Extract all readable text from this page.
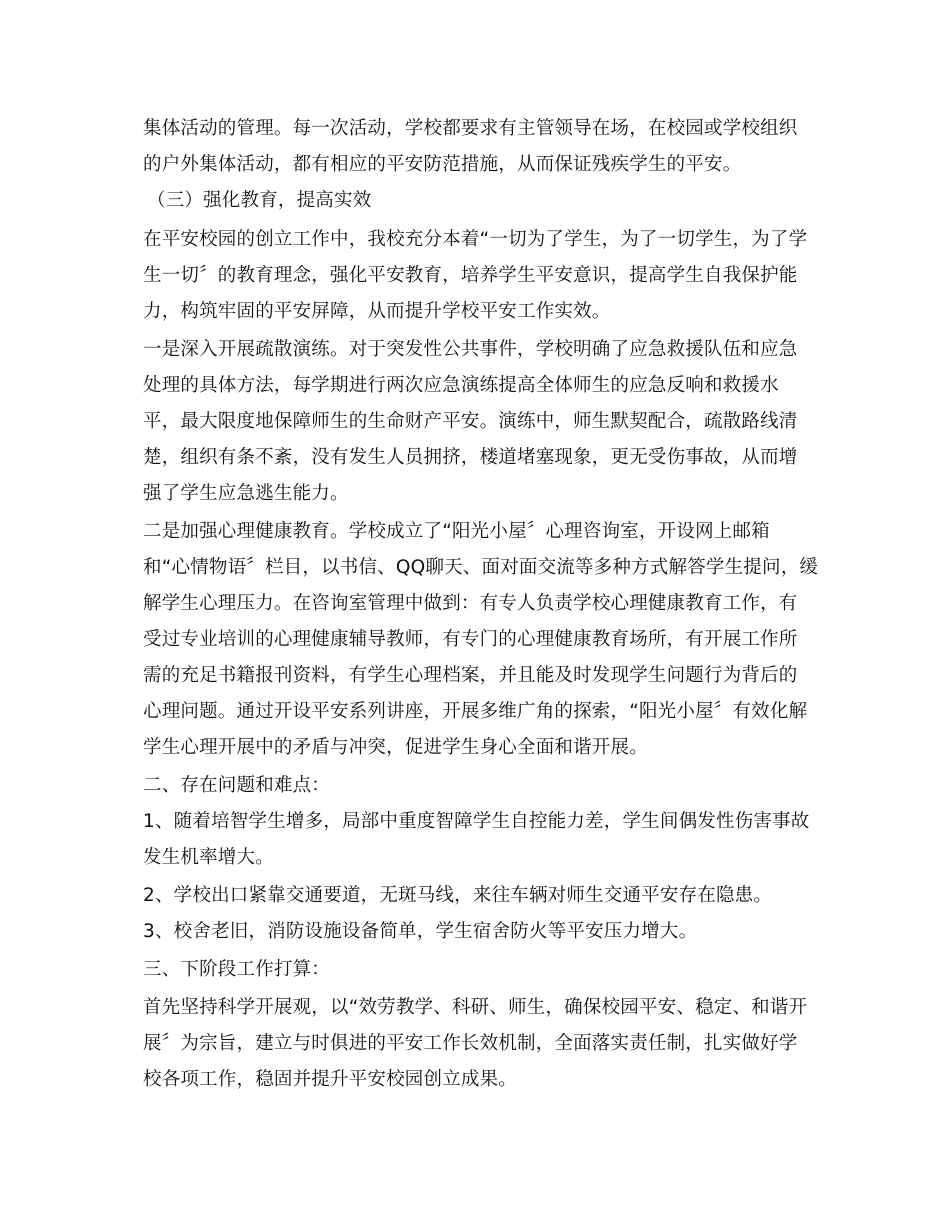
集体活动的管理。每一次活动，学校都要求有主管领导在场，在校园或学校组织
的户外集体活动，都有相应的平安防范措施，从而保证残疾学生的平安。
（三）强化教育，提高实效
在平安校园的创立工作中，我校充分本着“一切为了学生，为了一切学生，为了学
生一切〞的教育理念，强化平安教育，培养学生平安意识，提高学生自我保护能
力，构筑牢固的平安屏障，从而提升学校平安工作实效。
一是深入开展疏散演练。对于突发性公共事件，学校明确了应急救援队伍和应急
处理的具体方法，每学期进行两次应急演练提高全体师生的应急反响和救援水
平，最大限度地保障师生的生命财产平安。演练中，师生默契配合，疏散路线清
楚，组织有条不紊，没有发生人员拥挤，楼道堵塞现象，更无受伤事故，从而增
强了学生应急逃生能力。
二是加强心理健康教育。学校成立了“阳光小屋〞心理咨询室，开设网上邮箱
和“心情物语〞栏目，以书信、QQ聊天、面对面交流等多种方式解答学生提问，缓
解学生心理压力。在咨询室管理中做到：有专人负责学校心理健康教育工作，有
受过专业培训的心理健康辅导教师，有专门的心理健康教育场所，有开展工作所
需的充足书籍报刊资料，有学生心理档案，并且能及时发现学生问题行为背后的
心理问题。通过开设平安系列讲座，开展多维广角的探索，“阳光小屋〞有效化解
学生心理开展中的矛盾与冲突，促进学生身心全面和谐开展。
二、存在问题和难点：
1、随着培智学生增多，局部中重度智障学生自控能力差，学生间偶发性伤害事故
发生机率增大。
2、学校出口紧靠交通要道，无斑马线，来往车辆对师生交通平安存在隐患。
3、校舍老旧，消防设施设备简单，学生宿舍防火等平安压力增大。
三、下阶段工作打算：
首先坚持科学开展观，以“效劳教学、科研、师生，确保校园平安、稳定、和谐开
展〞为宗旨，建立与时俱进的平安工作长效机制，全面落实责任制，扎实做好学
校各项工作，稳固并提升平安校园创立成果。
